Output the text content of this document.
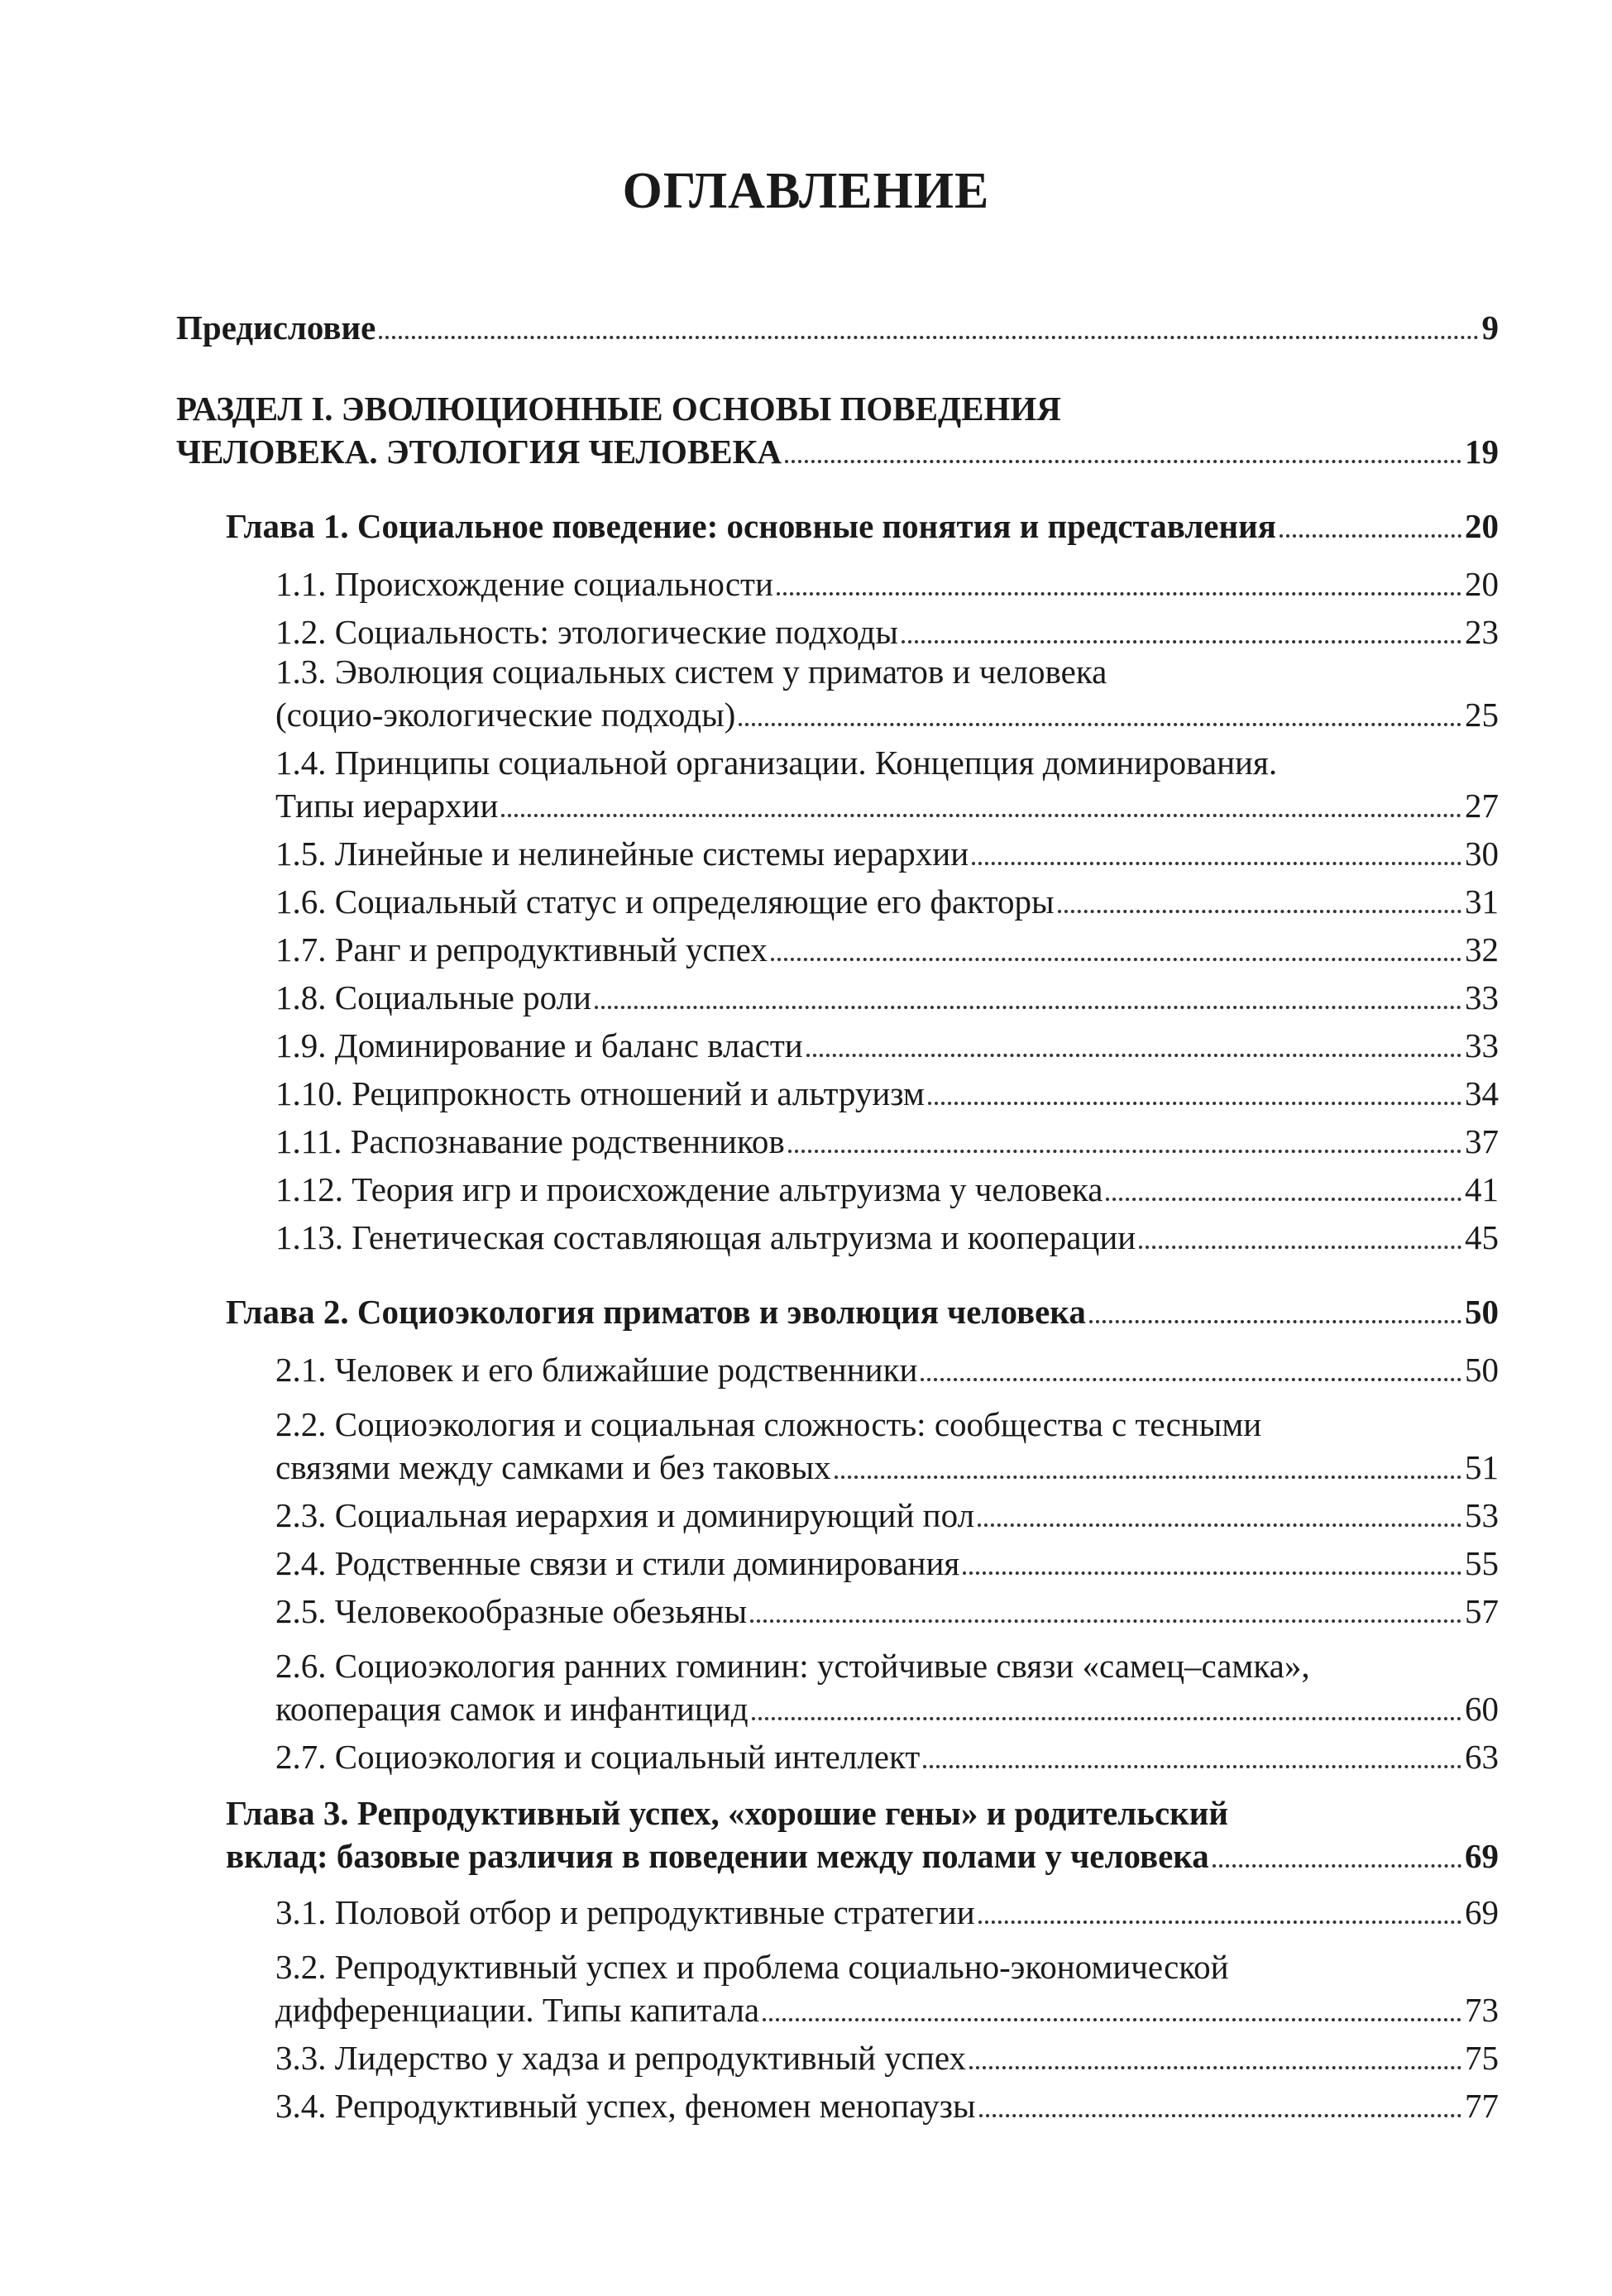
ОГЛАВЛЕНИЕ
Предисловие	9
РАЗДЕЛ I. ЭВОЛЮЦИОННЫЕ ОСНОВЫ ПОВЕДЕНИЯ
ЧЕЛОВЕКА. ЭТОЛОГИЯ ЧЕЛОВЕКА	19
Глава 1. Социальное поведение: основные понятия и представления	20
1.1. Происхождение социальности	20
1.2. Социальность: этологические подходы	23
1.3. Эволюция социальных систем у приматов и человека
(социо-экологические подходы)	25
1.4. Принципы социальной организации. Концепция доминирования.
Типы иерархии	27
1.5. Линейные и нелинейные системы иерархии	30
1.6. Социальный статус и определяющие его факторы	31
1.7. Ранг и репродуктивный успех	32
1.8. Социальные роли	33
1.9. Доминирование и баланс власти	33
1.10. Реципрокность отношений и альтруизм	34
1.11. Распознавание родственников	37
1.12. Теория игр и происхождение альтруизма у человека	41
1.13. Генетическая составляющая альтруизма и кооперации	45
Глава 2. Социоэкология приматов и эволюция человека	50
2.1. Человек и его ближайшие родственники	50
2.2. Социоэкология и социальная сложность: сообщества с тесными
связями между самками и без таковых	51
2.3. Социальная иерархия и доминирующий пол	53
2.4. Родственные связи и стили доминирования	55
2.5. Человекообразные обезьяны	57
2.6. Социоэкология ранних гоминин: устойчивые связи «самец–самка»,
кооперация самок и инфантицид	60
2.7. Социоэкология и социальный интеллект	63
Глава 3. Репродуктивный успех, «хорошие гены» и родительский
вклад: базовые различия в поведении между полами у человека	69
3.1. Половой отбор и репродуктивные стратегии	69
3.2. Репродуктивный успех и проблема социально-экономической
дифференциации. Типы капитала	73
3.3. Лидерство у хадза и репродуктивный успех	75
3.4. Репродуктивный успех, феномен менопаузы	77
